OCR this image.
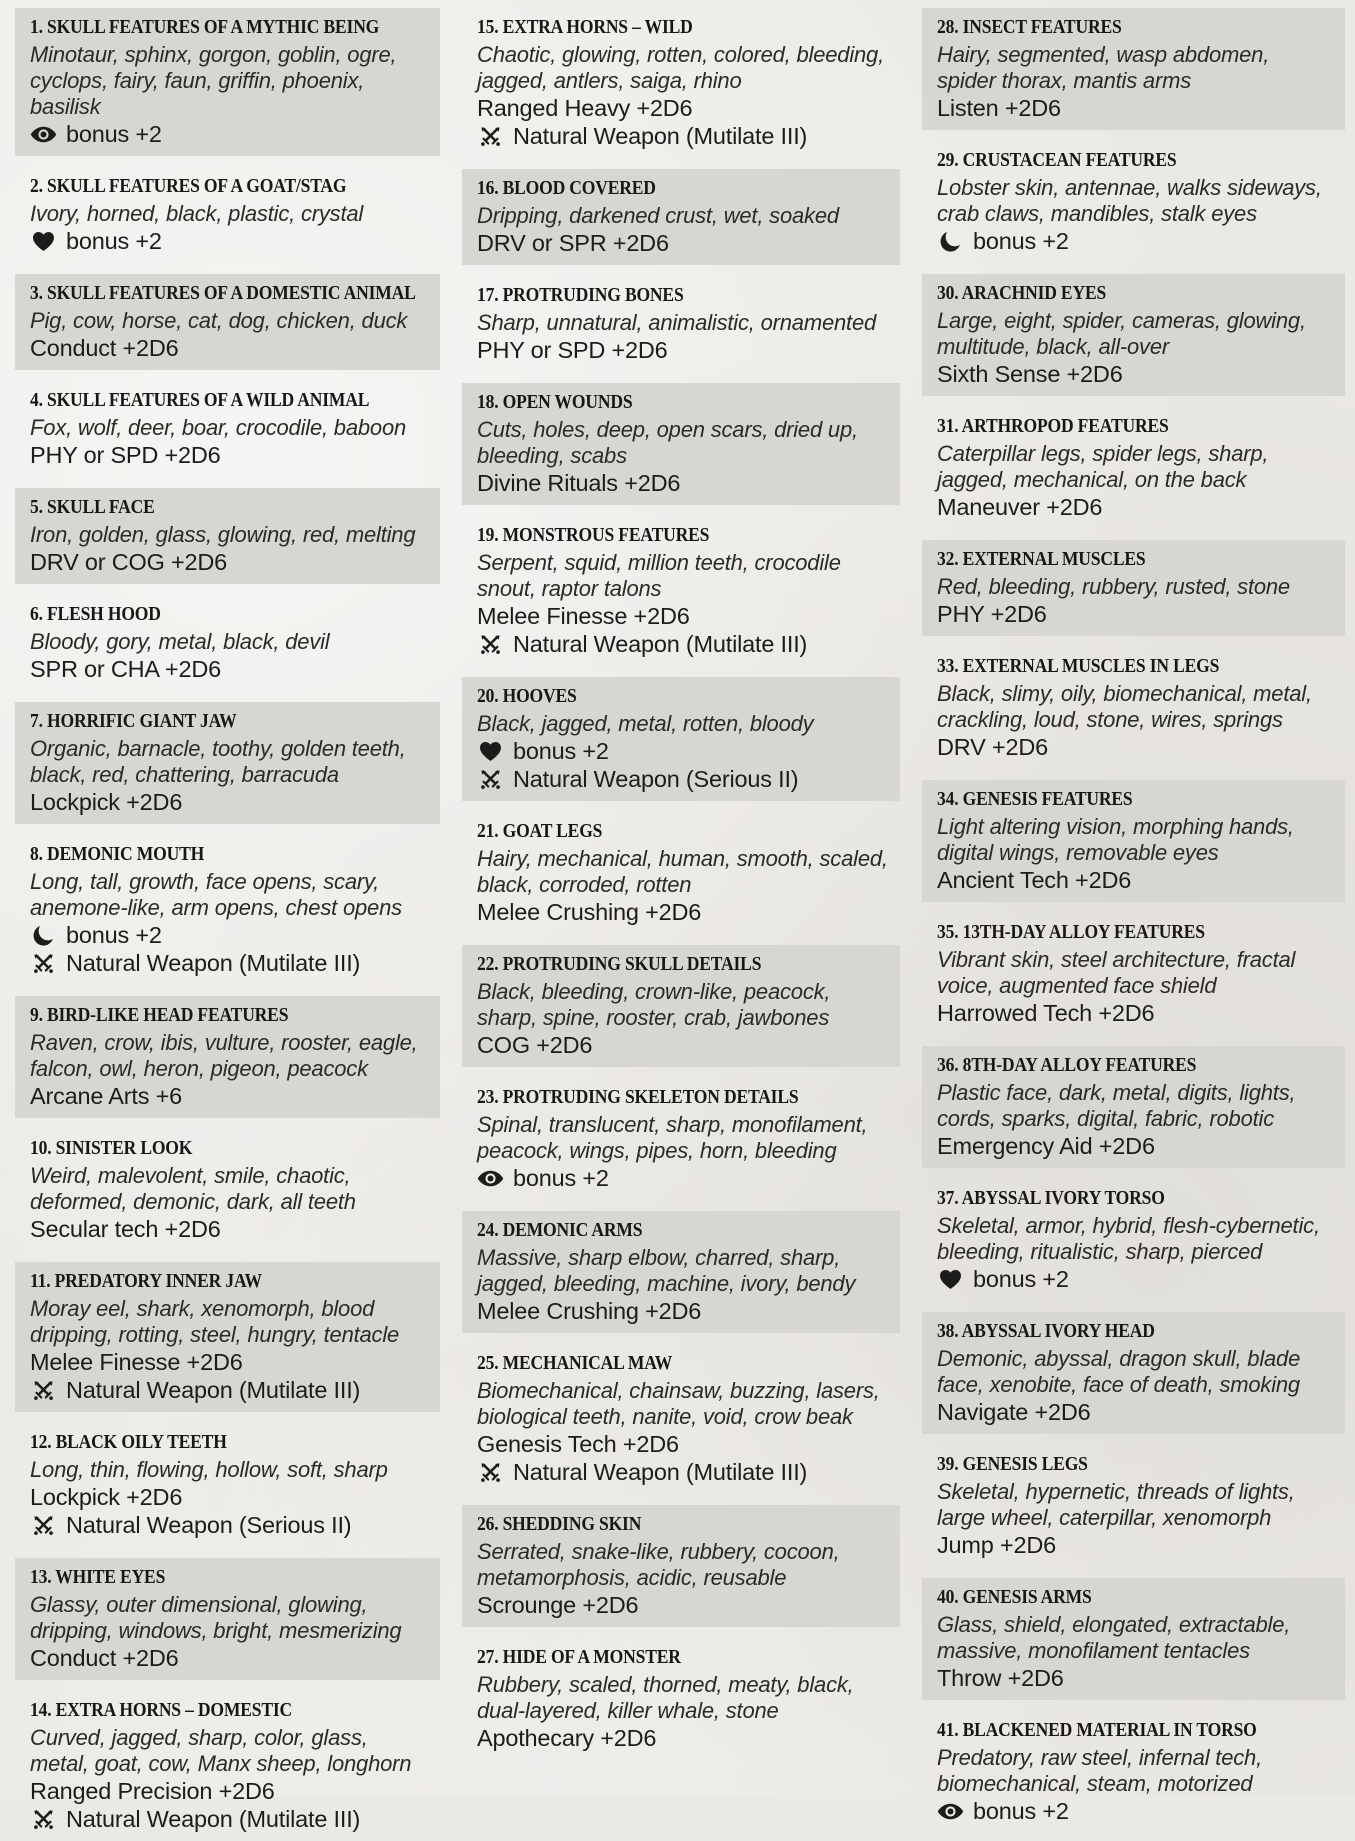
1. SKULL FEATURES OF A MYTHIC BEING

Minotaur, sphinx, gorgon, goblin, ogre, cyclops, fairy, faun, griffin, phoenix, basilisk

bonus +2
2. SKULL FEATURES OF A GOAT/STAG

Ivory, horned, black, plastic, crystal

bonus +2
3. SKULL FEATURES OF A DOMESTIC ANIMAL

Pig, cow, horse, cat, dog, chicken, duck

Conduct +2D6
4. SKULL FEATURES OF A WILD ANIMAL

Fox, wolf, deer, boar, crocodile, baboon

PHY or SPD +2D6
5. SKULL FACE

Iron, golden, glass, glowing, red, melting

DRV or COG +2D6
6. FLESH HOOD

Bloody, gory, metal, black, devil

SPR or CHA +2D6
7. HORRIFIC GIANT JAW

Organic, barnacle, toothy, golden teeth, black, red, chattering, barracuda

Lockpick +2D6
8. DEMONIC MOUTH

Long, tall, growth, face opens, scary, anemone-like, arm opens, chest opens

bonus +2
Natural Weapon (Mutilate III)
9. BIRD-LIKE HEAD FEATURES

Raven, crow, ibis, vulture, rooster, eagle, falcon, owl, heron, pigeon, peacock

Arcane Arts +6
10. SINISTER LOOK

Weird, malevolent, smile, chaotic, deformed, demonic, dark, all teeth

Secular tech +2D6
11. PREDATORY INNER JAW

Moray eel, shark, xenomorph, blood dripping, rotting, steel, hungry, tentacle

Melee Finesse +2D6
Natural Weapon (Mutilate III)
12. BLACK OILY TEETH

Long, thin, flowing, hollow, soft, sharp

Lockpick +2D6
Natural Weapon (Serious II)
13. WHITE EYES

Glassy, outer dimensional, glowing, dripping, windows, bright, mesmerizing

Conduct +2D6
14. EXTRA HORNS – DOMESTIC

Curved, jagged, sharp, color, glass, metal, goat, cow, Manx sheep, longhorn

Ranged Precision +2D6
Natural Weapon (Mutilate III)
15. EXTRA HORNS – WILD

Chaotic, glowing, rotten, colored, bleeding, jagged, antlers, saiga, rhino

Ranged Heavy +2D6
Natural Weapon (Mutilate III)
16. BLOOD COVERED

Dripping, darkened crust, wet, soaked

DRV or SPR +2D6
17. PROTRUDING BONES

Sharp, unnatural, animalistic, ornamented

PHY or SPD +2D6
18. OPEN WOUNDS

Cuts, holes, deep, open scars, dried up, bleeding, scabs

Divine Rituals +2D6
19. MONSTROUS FEATURES

Serpent, squid, million teeth, crocodile snout, raptor talons

Melee Finesse +2D6
Natural Weapon (Mutilate III)
20. HOOVES

Black, jagged, metal, rotten, bloody

bonus +2
Natural Weapon (Serious II)
21. GOAT LEGS

Hairy, mechanical, human, smooth, scaled, black, corroded, rotten

Melee Crushing +2D6
22. PROTRUDING SKULL DETAILS

Black, bleeding, crown-like, peacock, sharp, spine, rooster, crab, jawbones

COG +2D6
23. PROTRUDING SKELETON DETAILS

Spinal, translucent, sharp, monofilament, peacock, wings, pipes, horn, bleeding

bonus +2
24. DEMONIC ARMS

Massive, sharp elbow, charred, sharp, jagged, bleeding, machine, ivory, bendy

Melee Crushing +2D6
25. MECHANICAL MAW

Biomechanical, chainsaw, buzzing, lasers, biological teeth, nanite, void, crow beak

Genesis Tech +2D6
Natural Weapon (Mutilate III)
26. SHEDDING SKIN

Serrated, snake-like, rubbery, cocoon, metamorphosis, acidic, reusable

Scrounge +2D6
27. HIDE OF A MONSTER

Rubbery, scaled, thorned, meaty, black, dual-layered, killer whale, stone

Apothecary +2D6
28. INSECT FEATURES

Hairy, segmented, wasp abdomen, spider thorax, mantis arms

Listen +2D6
29. CRUSTACEAN FEATURES

Lobster skin, antennae, walks sideways, crab claws, mandibles, stalk eyes

bonus +2
30. ARACHNID EYES

Large, eight, spider, cameras, glowing, multitude, black, all-over

Sixth Sense +2D6
31. ARTHROPOD FEATURES

Caterpillar legs, spider legs, sharp, jagged, mechanical, on the back

Maneuver +2D6
32. EXTERNAL MUSCLES

Red, bleeding, rubbery, rusted, stone

PHY +2D6
33. EXTERNAL MUSCLES IN LEGS

Black, slimy, oily, biomechanical, metal, crackling, loud, stone, wires, springs

DRV +2D6
34. GENESIS FEATURES

Light altering vision, morphing hands, digital wings, removable eyes

Ancient Tech +2D6
35. 13TH-DAY ALLOY FEATURES

Vibrant skin, steel architecture, fractal voice, augmented face shield

Harrowed Tech +2D6
36. 8TH-DAY ALLOY FEATURES

Plastic face, dark, metal, digits, lights, cords, sparks, digital, fabric, robotic

Emergency Aid +2D6
37. ABYSSAL IVORY TORSO

Skeletal, armor, hybrid, flesh-cybernetic, bleeding, ritualistic, sharp, pierced

bonus +2
38. ABYSSAL IVORY HEAD

Demonic, abyssal, dragon skull, blade face, xenobite, face of death, smoking

Navigate +2D6
39. GENESIS LEGS

Skeletal, hypernetic, threads of lights, large wheel, caterpillar, xenomorph

Jump +2D6
40. GENESIS ARMS

Glass, shield, elongated, extractable, massive, monofilament tentacles

Throw +2D6
41. BLACKENED MATERIAL IN TORSO

Predatory, raw steel, infernal tech, biomechanical, steam, motorized

bonus +2
